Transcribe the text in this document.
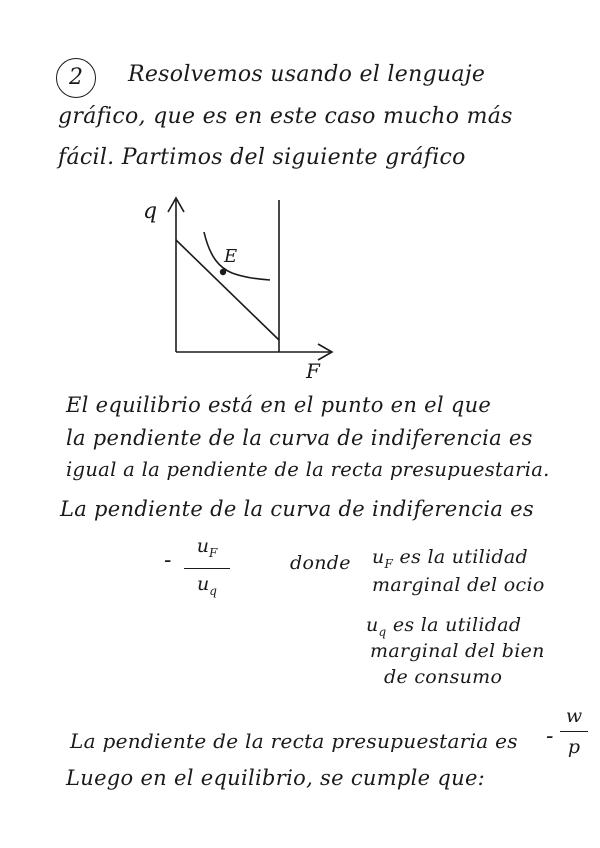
2	Resolvemos usando el lenguaje
gráfico, que es en este caso mucho más
fácil. Partimos del siguiente gráfico
q
F
E
El equilibrio está en el punto en el que
la pendiente de la curva de indiferencia es
igual a la pendiente de la recta presupuestaria.
La pendiente de la curva de indiferencia es
-
$u_F$
$u_q$
donde $u_F$ es la utilidad
marginal del ocio
$u_q$ es la utilidad
marginal del bien
de consumo
La pendiente de la recta presupuestaria es -
w
p
Luego en el equilibrio, se cumple que:
